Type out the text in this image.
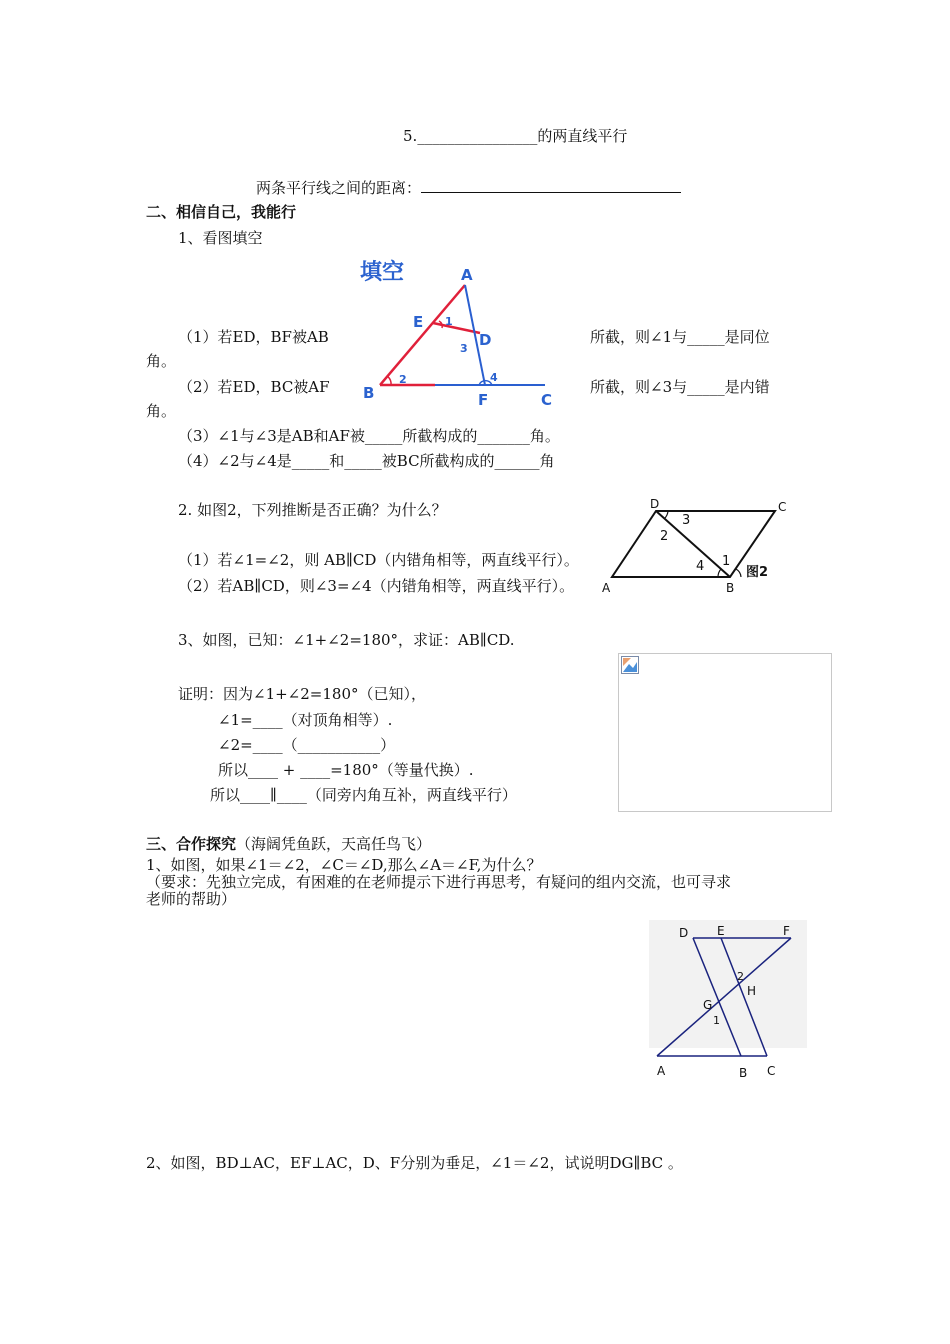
5.________________的两直线平行
两条平行线之间的距离：
二、相信自己，我能行
1、看图填空
填空	A
E
D
B	F	C
1
2
3
4
（1）若ED，BF被AB	所截，则∠1与_____是同位
角。
（2）若ED，BC被AF	所截，则∠3与_____是内错
角。
（3）∠1与∠3是AB和AF被_____所截构成的_______角。
（4）∠2与∠4是_____和_____被BC所截构成的______角
2. 如图2，下列推断是否正确？为什么？	D	C
A	B
3
2
4 1
图2
（1）若∠1=∠2，则 AB∥CD（内错角相等，两直线平行）。
（2）若AB∥CD，则∠3=∠4（内错角相等，两直线平行）。
3、如图，已知：∠1+∠2=180°，求证：AB∥CD.
证明：因为∠1+∠2=180°（已知），
∠1=____（对顶角相等）.
∠2=____（___________）
所以____ + ____=180°（等量代换）.
所以____∥____（同旁内角互补，两直线平行）
三、合作探究（海阔凭鱼跃，天高任鸟飞）
1、如图，如果∠1＝∠2，∠C＝∠D,那么∠A＝∠F,为什么？
（要求：先独立完成，有困难的在老师提示下进行再思考，有疑问的组内交流，也可寻求
老师的帮助）
D E	F
G
H
2
1
A	B C
2、如图，BD⊥AC，EF⊥AC，D、F分别为垂足，∠1＝∠2，试说明DG∥BC 。
